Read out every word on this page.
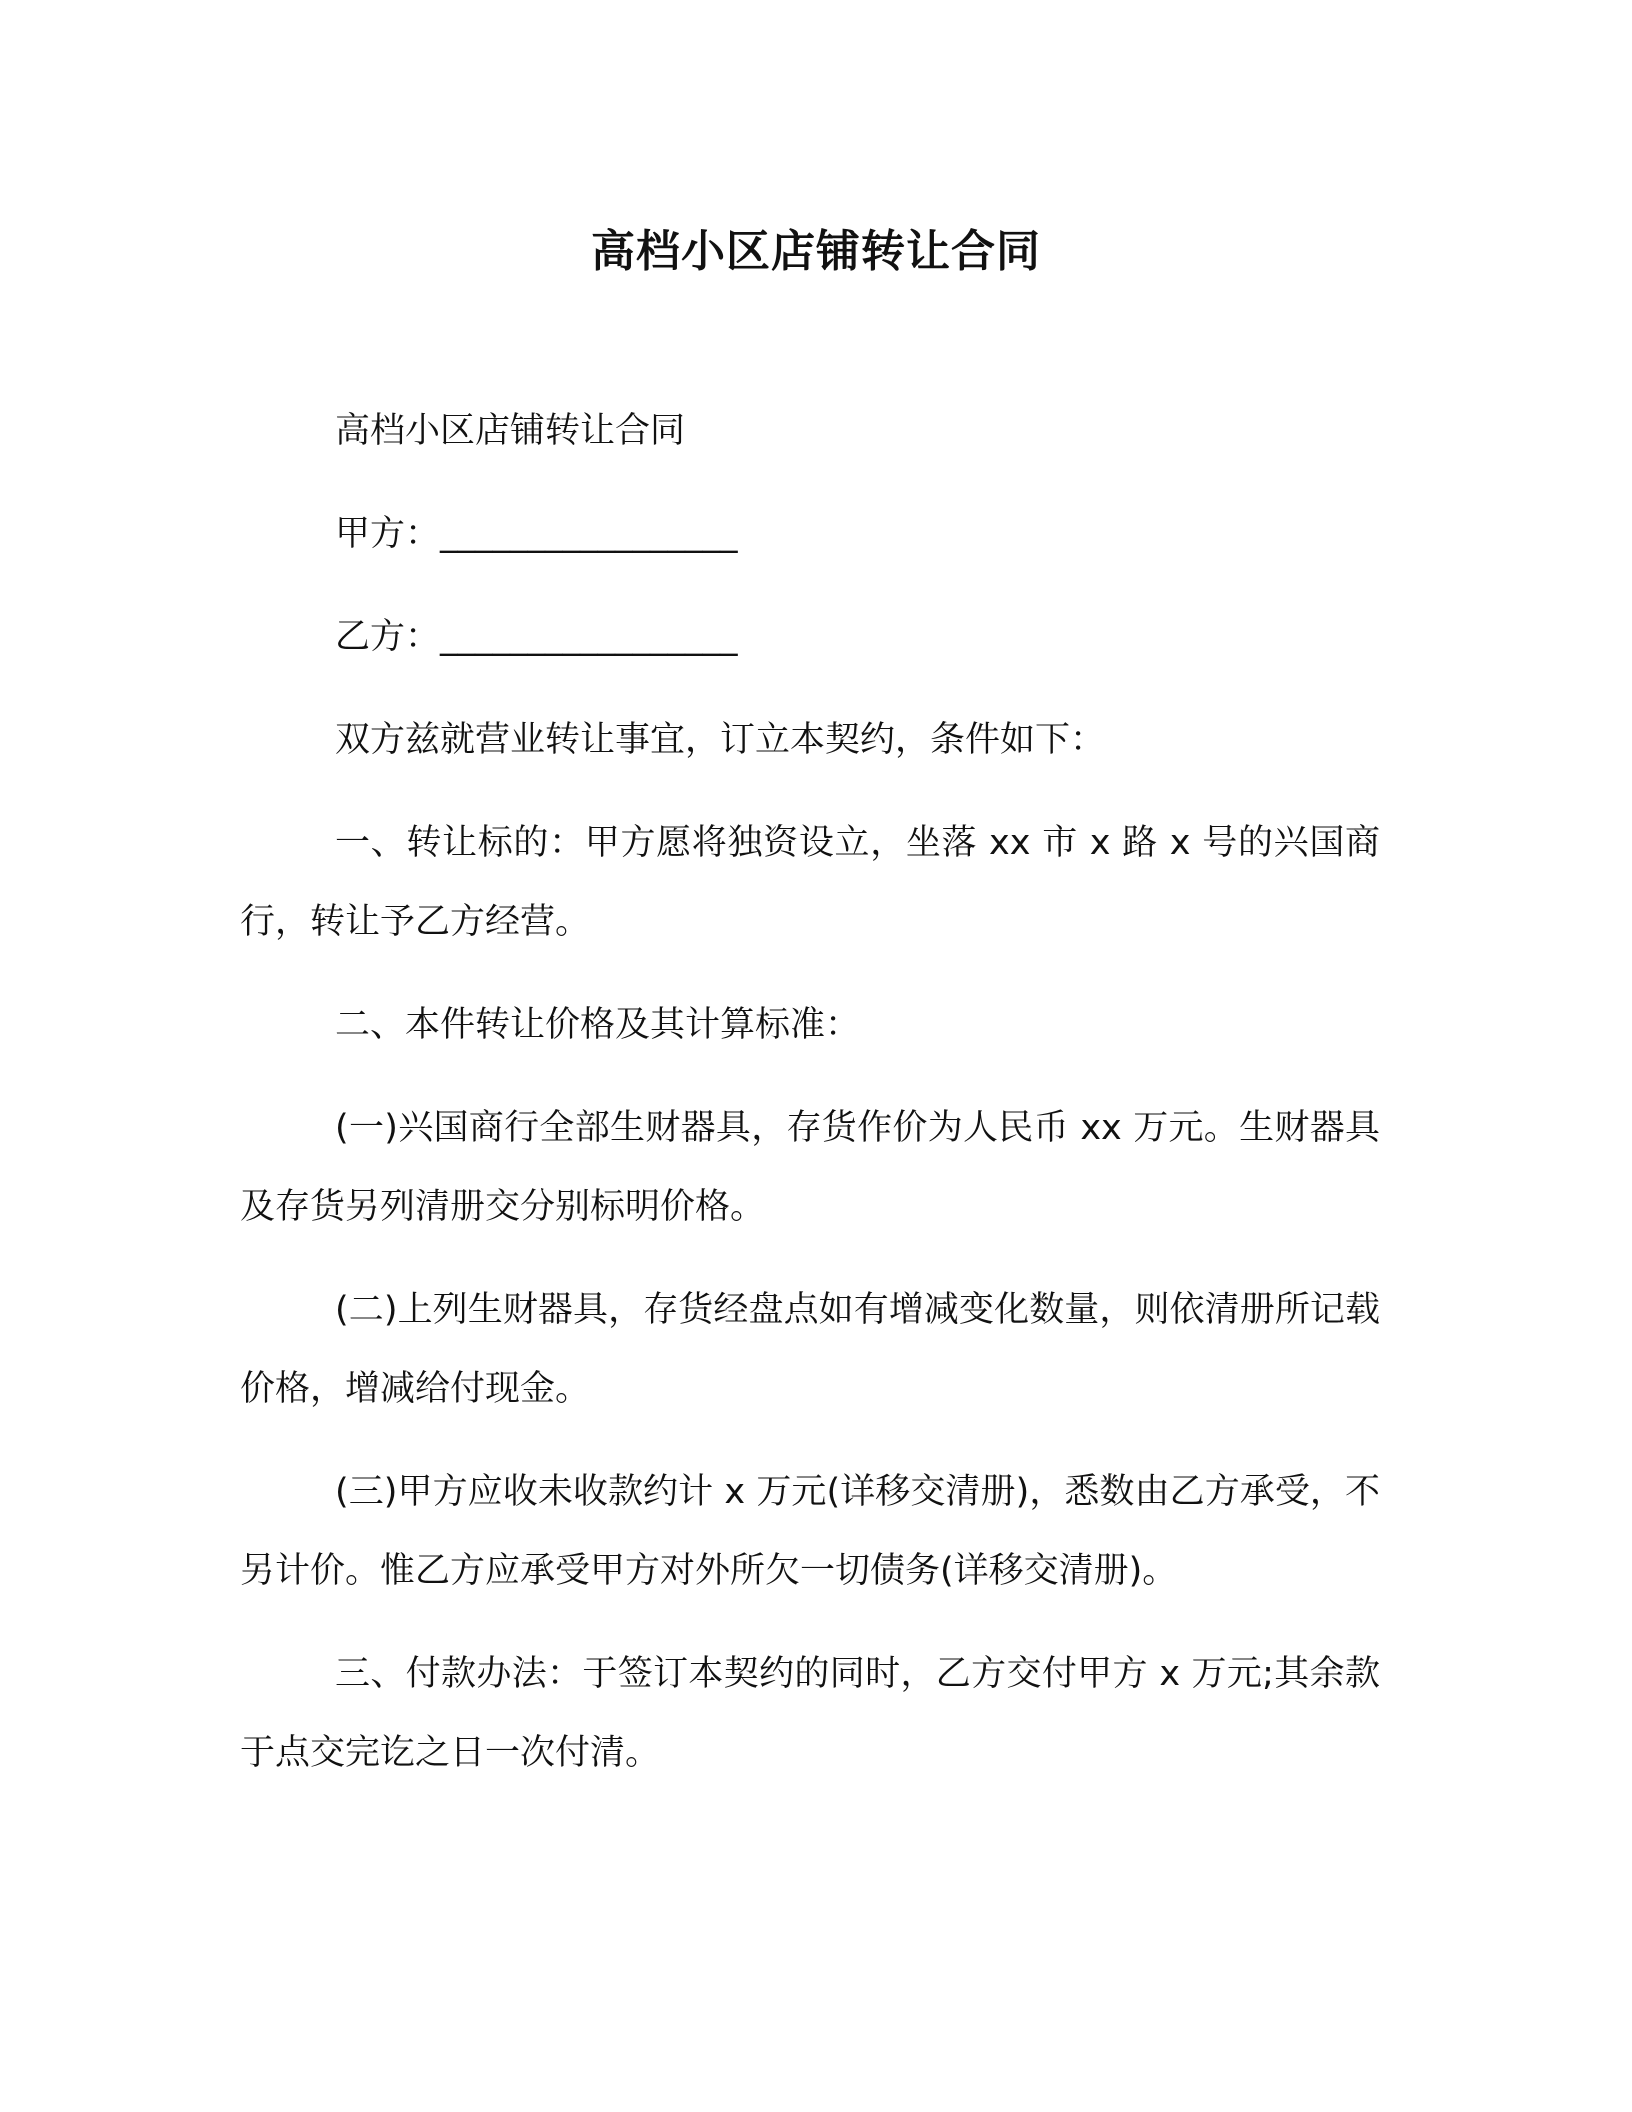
高档小区店铺转让合同

高档小区店铺转让合同

甲方：_________________

乙方：_________________

双方兹就营业转让事宜，订立本契约，条件如下：

一、转让标的：甲方愿将独资设立，坐落 xx 市 x 路 x 号的兴国商行，转让予乙方经营。

二、本件转让价格及其计算标准：

(一)兴国商行全部生财器具，存货作价为人民币 xx 万元。生财器具及存货另列清册交分别标明价格。

(二)上列生财器具，存货经盘点如有增减变化数量，则依清册所记载价格，增减给付现金。

(三)甲方应收未收款约计 x 万元(详移交清册)，悉数由乙方承受，不另计价。惟乙方应承受甲方对外所欠一切债务(详移交清册)。

三、付款办法：于签订本契约的同时，乙方交付甲方 x 万元;其余款于点交完讫之日一次付清。
